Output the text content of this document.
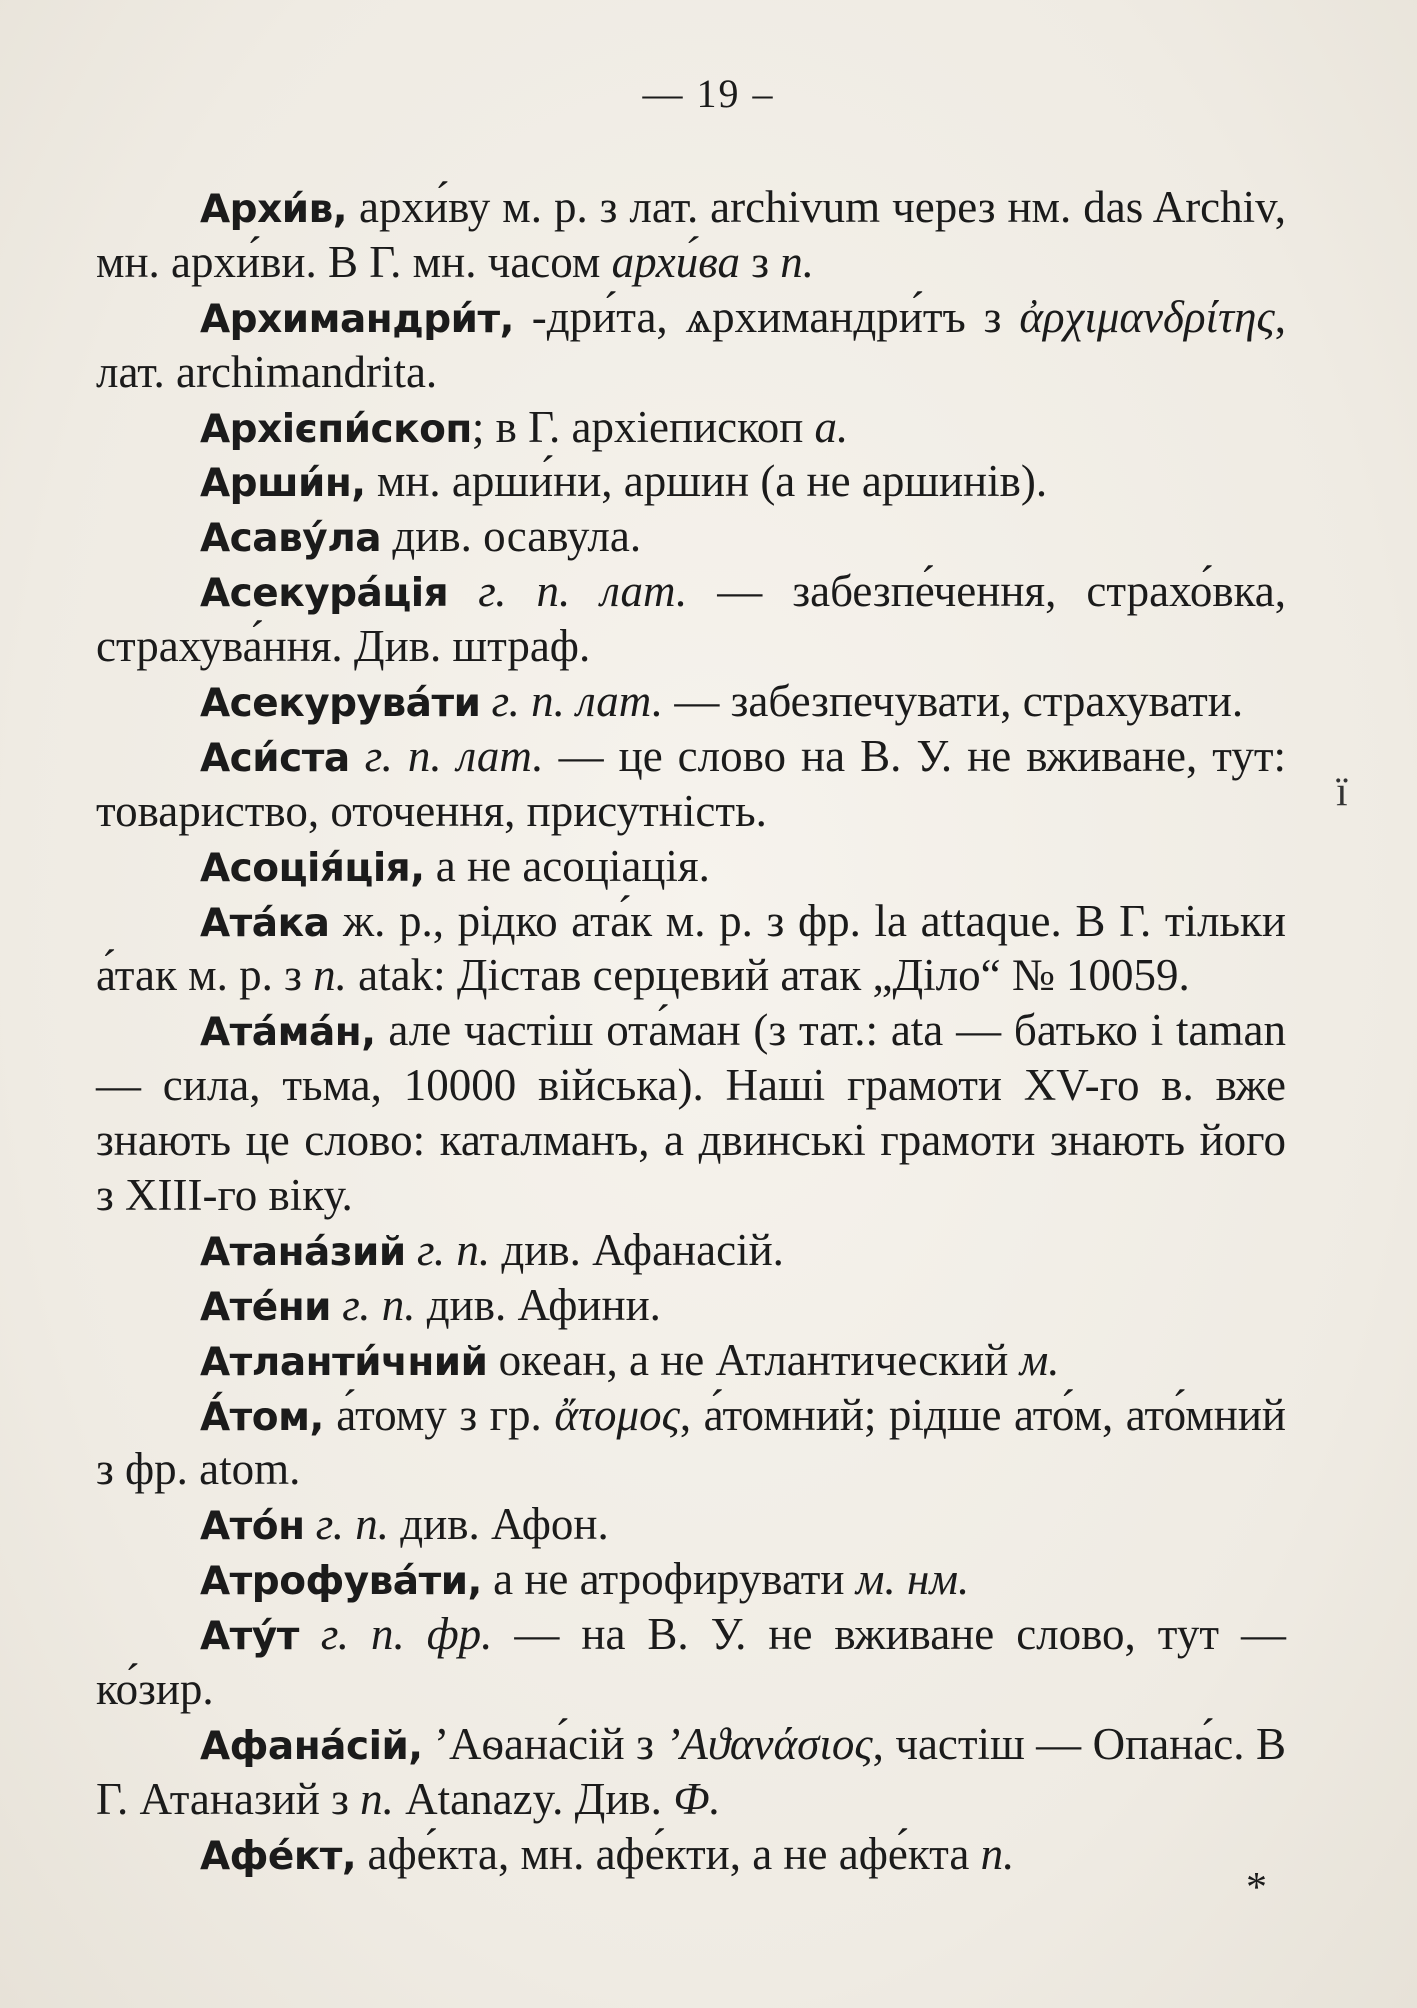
— 19 –

Архи́в, архи́ву м. р. з лат. archivum через нм. das Archiv, мн. архи́ви. В Г. мн. часом архи́ва з п.

Архимандри́т, -дри́та, ѧрхимандри́тъ з ἀρχιμανδρίτης, лат. archimandrita.

Архієпи́скоп; в Г. архіепископ а.

Арши́н, мн. арши́ни, аршин (а не аршинів).

Асаву́ла див. осавула.

Асекура́ція г. п. лат. — забезпе́чення, страхо́вка, страхува́ння. Див. штраф.

Асекурува́ти г. п. лат. — забезпечувати, страхувати.

Аси́ста г. п. лат. — це слово на В. У. не вживане, тут: товариство, оточення, присутність.

Асоція́ція, а не асоціація.

Ата́ка ж. р., рідко ата́к м. р. з фр. la attaque. В Г. тільки а́так м. р. з п. atak: Дістав серцевий атак „Діло“ № 10059.

Ата́ма́н, але частіш ота́ман (з тат.: ata — батько і taman — сила, тьма, 10000 війська). Наші грамоти XV-го в. вже знають це слово: каталманъ, а двинські грамоти знають його з XIII-го віку.

Атана́зий г. п. див. Афанасій.

Ате́ни г. п. див. Афини.

Атланти́чний океан, а не Атлантический м.

А́том, а́тому з гр. ἄτομος, а́томний; рідше ато́м, ато́мний з фр. atom.

Ато́н г. п. див. Афон.

Атрофува́ти, а не атрофирувати м. нм.

Ату́т г. п. фр. — на В. У. не вживане слово, тут — ко́зир.

Афана́сій, ’Аѳана́сій з ’Αϑανάσιος, частіш — Опана́с. В Г. Атаназий з п. Atanazy. Див. Ф.

Афе́кт, афе́кта, мн. афе́кти, а не афе́кта п.

ї
*
